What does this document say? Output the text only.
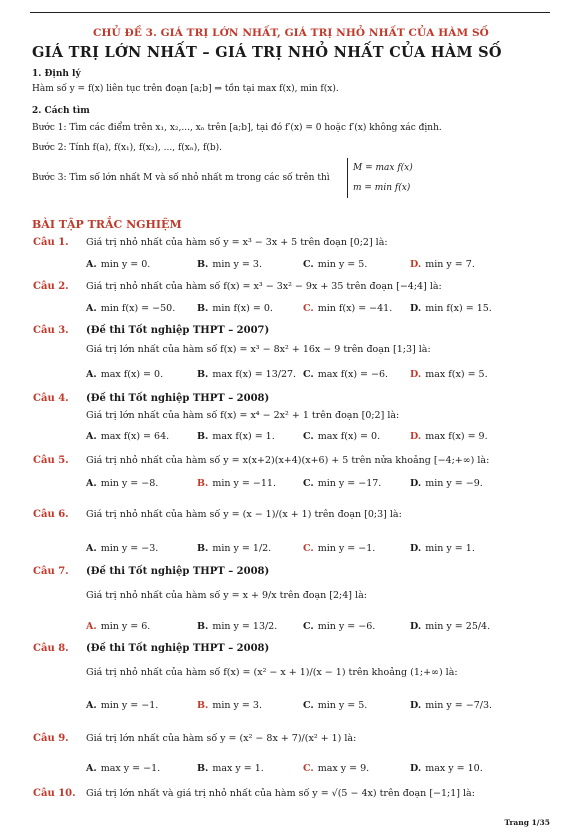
CHỦ ĐỀ 3. GIÁ TRỊ LỚN NHẤT, GIÁ TRỊ NHỎ NHẤT CỦA HÀM SỐ
GIÁ TRỊ LỚN NHẤT – GIÁ TRỊ NHỎ NHẤT CỦA HÀM SỐ
1. Định lý
Hàm số y = f(x) liên tục trên đoạn [a;b] ⇒ tồn tại max f(x), min f(x).
2. Cách tìm
Bước 1: Tìm các điểm trên x₁, x₂,..., xₙ trên [a;b], tại đó f′(x) = 0 hoặc f′(x) không xác định.
Bước 2: Tính f(a), f(x₁), f(x₂), ..., f(xₙ), f(b).
Bước 3: Tìm số lớn nhất M và số nhỏ nhất m trong các số trên thì
M = max f(x)
m = min f(x)
BÀI TẬP TRẮC NGHIỆM
Câu 1. Giá trị nhỏ nhất của hàm số y = x³ − 3x + 5 trên đoạn [0;2] là:
A. min y = 0.	B. min y = 3.	C. min y = 5.	D. min y = 7.
Câu 2. Giá trị nhỏ nhất của hàm số f(x) = x³ − 3x² − 9x + 35 trên đoạn [−4;4] là:
A. min f(x) = −50. B. min f(x) = 0.	C. min f(x) = −41. D. min f(x) = 15.
Câu 3. (Đề thi Tốt nghiệp THPT – 2007)
Giá trị lớn nhất của hàm số f(x) = x³ − 8x² + 16x − 9 trên đoạn [1;3] là:
A. max f(x) = 0.	B. max f(x) = 13/27. C. max f(x) = −6. D. max f(x) = 5.
Câu 4. (Đề thi Tốt nghiệp THPT – 2008)
Giá trị lớn nhất của hàm số f(x) = x⁴ − 2x² + 1 trên đoạn [0;2] là:
A. max f(x) = 64.	B. max f(x) = 1.	C. max f(x) = 0.	D. max f(x) = 9.
Câu 5. Giá trị nhỏ nhất của hàm số y = x(x+2)(x+4)(x+6) + 5 trên nửa khoảng [−4;+∞) là:
A. min y = −8.	B. min y = −11.	C. min y = −17.	D. min y = −9.
Câu 6. Giá trị nhỏ nhất của hàm số y = (x − 1)/(x + 1) trên đoạn [0;3] là:
A. min y = −3.	B. min y = 1/2.	C. min y = −1.	D. min y = 1.
Câu 7. (Đề thi Tốt nghiệp THPT – 2008)
Giá trị nhỏ nhất của hàm số y = x + 9/x trên đoạn [2;4] là:
A. min y = 6.	B. min y = 13/2.	C. min y = −6.	D. min y = 25/4.
Câu 8. (Đề thi Tốt nghiệp THPT – 2008)
Giá trị nhỏ nhất của hàm số f(x) = (x² − x + 1)/(x − 1) trên khoảng (1;+∞) là:
A. min y = −1.	B. min y = 3.	C. min y = 5.	D. min y = −7/3.
Câu 9. Giá trị lớn nhất của hàm số y = (x² − 8x + 7)/(x² + 1) là:
A. max y = −1.	B. max y = 1.	C. max y = 9.	D. max y = 10.
Câu 10. Giá trị lớn nhất và giá trị nhỏ nhất của hàm số y = √(5 − 4x) trên đoạn [−1;1] là:
Trang 1/35
